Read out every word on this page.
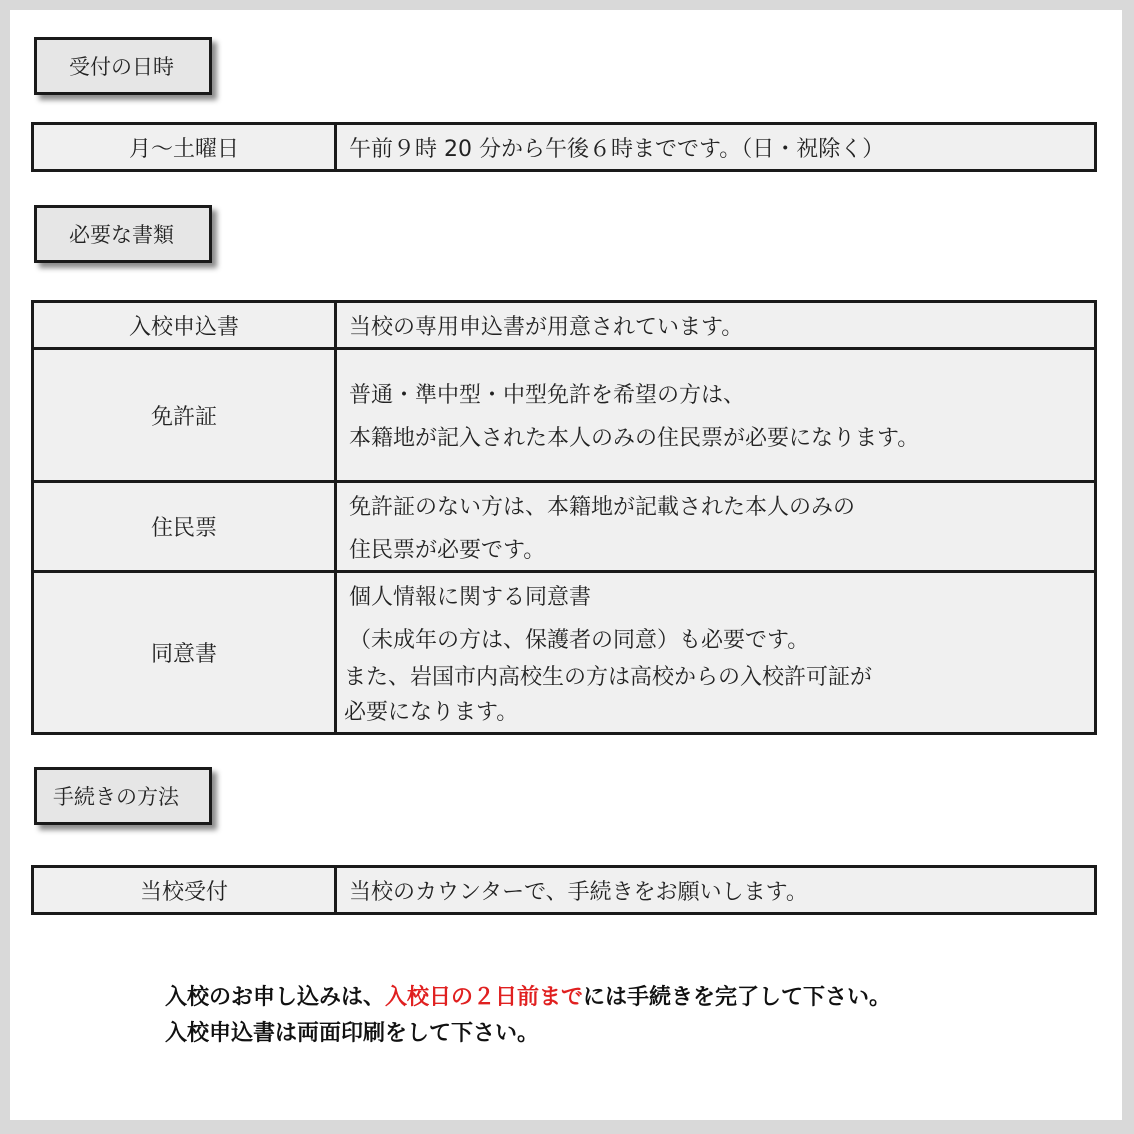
受付の日時
月～土曜日	午前９時 20 分から午後６時までです。（日・祝除く）
必要な書類
入校申込書	当校の専用申込書が用意されています。

免許証	普通・準中型・中型免許を希望の方は、
本籍地が記入された本人のみの住民票が必要になります。

住民票	免許証のない方は、本籍地が記載された本人のみの
住民票が必要です。

同意書	個人情報に関する同意書
（未成年の方は、保護者の同意）も必要です。
また、岩国市内高校生の方は高校からの入校許可証が
必要になります。
手続きの方法
当校受付	当校のカウンターで、手続きをお願いします。
入校のお申し込みは、入校日の２日前までには手続きを完了して下さい。
入校申込書は両面印刷をして下さい。
